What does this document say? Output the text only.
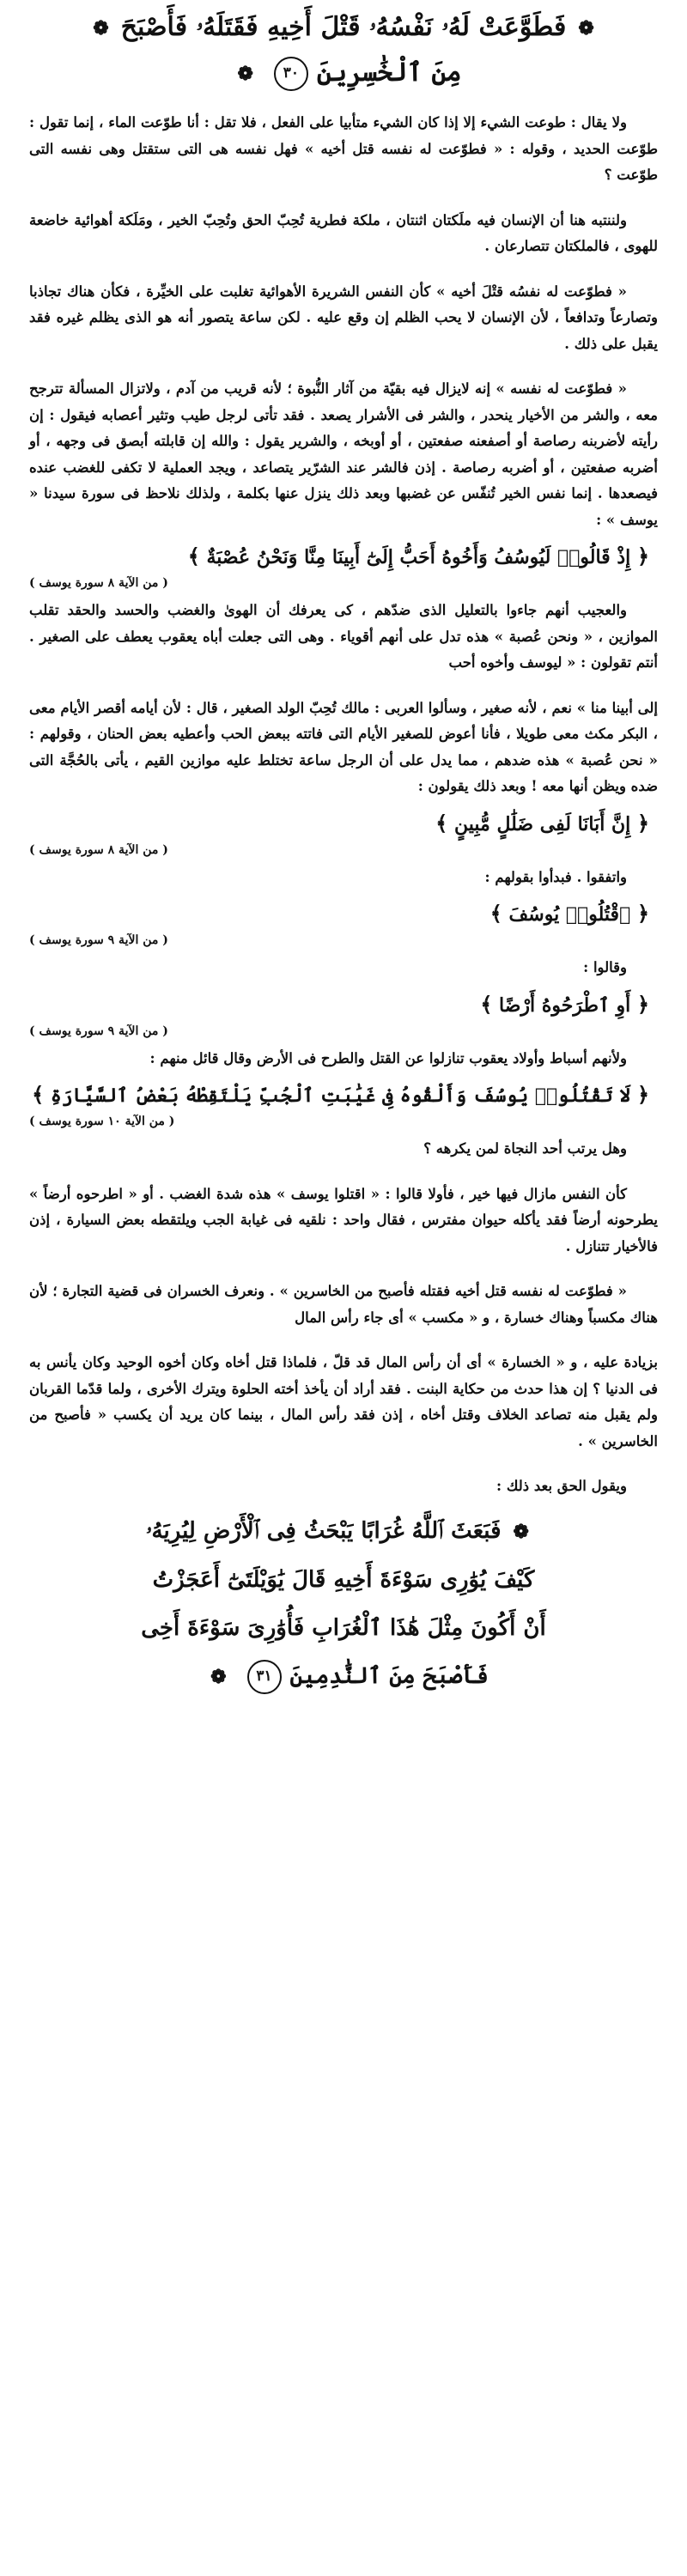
❁فَطَوَّعَتْ لَهُۥ نَفْسُهُۥ قَتْلَ أَخِيهِ فَقَتَلَهُۥ فَأَصْبَحَ❁
مِنَ ٱلْخَٰسِرِينَ٣٠❁

ولا يقال : طوعت الشيء إلا إذا كان الشيء متأبيا على الفعل ، فلا تقل : أنا طوّعت الماء ، إنما تقول : طوّعت الحديد ، وقوله : « فطوّعت له نفسه قتل أخيه » فهل نفسه هى التى ستقتل وهى نفسه التى طوّعت ؟

ولننتبه هنا أن الإنسان فيه ملَكتان اثنتان ، ملكة فطرية تُحِبّ الحق وتُحِبّ الخير ، ومَلَكة أهوائية خاضعة للهوى ، فالملكتان تتصارعان .

« فطوّعت له نفسُه قتْلَ أخيه » كأن النفس الشريرة الأهوائية تغلبت على الخيِّرة ، فكأن هناك تجاذبا وتصارعاً وتدافعاً ، لأن الإنسان لا يحب الظلم إن وقع عليه . لكن ساعة يتصور أنه هو الذى يظلم غيره فقد يقبل على ذلك .

« فطوّعت له نفسه » إنه لايزال فيه بقيّة من آثار النُّبوة ؛ لأنه قريب من آدم ، ولاتزال المسألة تترجح معه ، والشر من الأخيار ينحدر ، والشر فى الأشرار يصعد . فقد تأتى لرجل طيب وتثير أعصابه فيقول : إن رأيته لأضربنه رصاصة أو أصفعنه صفعتين ، أو أوبخه ، والشرير يقول : والله إن قابلته أبصق فى وجهه ، أو أضربه صفعتين ، أو أضربه رصاصة . إذن فالشر عند الشرّير يتصاعد ، ويجد العملية لا تكفى للغضب عنده فيصعدها . إنما نفس الخير تُنفّس عن غضبها وبعد ذلك ينزل عنها بكلمة ، ولذلك نلاحظ فى سورة سيدنا « يوسف » :

﴿ إِذْ قَالُوا۟ لَيُوسُفُ وَأَخُوهُ أَحَبُّ إِلَىٰٓ أَبِينَا مِنَّا وَنَحْنُ عُصْبَةٌ ﴾
( من الآية ٨ سورة يوسف )

والعجيب أنهم جاءوا بالتعليل الذى ضدّهم ، كى يعرفك أن الهوىٰ والغضب والحسد والحقد تقلب الموازين ، « ونحن عُصبة » هذه تدل على أنهم أقوياء . وهى التى جعلت أباه يعقوب يعطف على الصغير . أنتم تقولون : « ليوسف وأخوه أحب

إلى أبينا منا » نعم ، لأنه صغير ، وسألوا العربى : مالك تُحِبّ الولد الصغير ، قال : لأن أيامه أقصر الأيام معى ، البكر مكث معى طويلا ، فأنا أعوض للصغير الأيام التى فاتته ببعض الحب وأعطيه بعض الحنان ، وقولهم : « نحن عُصبة » هذه ضدهم ، مما يدل على أن الرجل ساعة تختلط عليه موازين القيم ، يأتى بالحُجَّة التى ضده ويظن أنها معه ! وبعد ذلك يقولون :

﴿ إِنَّ أَبَانَا لَفِى ضَلَٰلٍ مُّبِينٍ ﴾
( من الآية ٨ سورة يوسف )

واتفقوا . فبدأوا بقولهم :

﴿ ٱقْتُلُوا۟ يُوسُفَ ﴾
( من الآية ٩ سورة يوسف )

وقالوا :

﴿ أَوِ ٱطْرَحُوهُ أَرْضًا ﴾
( من الآية ٩ سورة يوسف )

ولأنهم أسباط وأولاد يعقوب تنازلوا عن القتل والطرح فى الأرض وقال قائل منهم :

﴿ لَا تَقْتُلُوا۟ يُوسُفَ وَأَلْقُوهُ فِى غَيَٰبَتِ ٱلْجُبِّ يَلْتَقِطْهُ بَعْضُ ٱلسَّيَّارَةِ ﴾
( من الآية ١٠ سورة يوسف )

وهل يرتب أحد النجاة لمن يكرهه ؟

كأن النفس مازال فيها خير ، فأولا قالوا : « اقتلوا يوسف » هذه شدة الغضب . أو « اطرحوه أرضاً » يطرحونه أرضاً فقد يأكله حيوان مفترس ، فقال واحد : نلقيه فى غيابة الجب ويلتقطه بعض السيارة ، إذن فالأخيار تتنازل .

« فطوّعت له نفسه قتل أخيه فقتله فأصبح من الخاسرين » . ونعرف الخسران فى قضية التجارة ؛ لأن هناك مكسباً وهناك خسارة ، و « مكسب » أى جاء رأس المال

بزيادة عليه ، و « الخسارة » أى أن رأس المال قد قلّ ، فلماذا قتل أخاه وكان أخوه الوحيد وكان يأنس به فى الدنيا ؟ إن هذا حدث من حكاية البنت . فقد أراد أن يأخذ أخته الحلوة ويترك الأخرى ، ولما قدّما القربان ولم يقبل منه تصاعد الخلاف وقتل أخاه ، إذن فقد رأس المال ، بينما كان يريد أن يكسب « فأصبح من الخاسرين » .

ويقول الحق بعد ذلك :

❁فَبَعَثَ ٱللَّهُ غُرَابًا يَبْحَثُ فِى ٱلْأَرْضِ لِيُرِيَهُۥ
كَيْفَ يُوَٰرِى سَوْءَةَ أَخِيهِ قَالَ يَٰوَيْلَتَىٰٓ أَعَجَزْتُ
أَنْ أَكُونَ مِثْلَ هَٰذَا ٱلْغُرَابِ فَأُوَٰرِىَ سَوْءَةَ أَخِى
فَأَصْبَحَ مِنَ ٱلنَّٰدِمِينَ٣١❁
